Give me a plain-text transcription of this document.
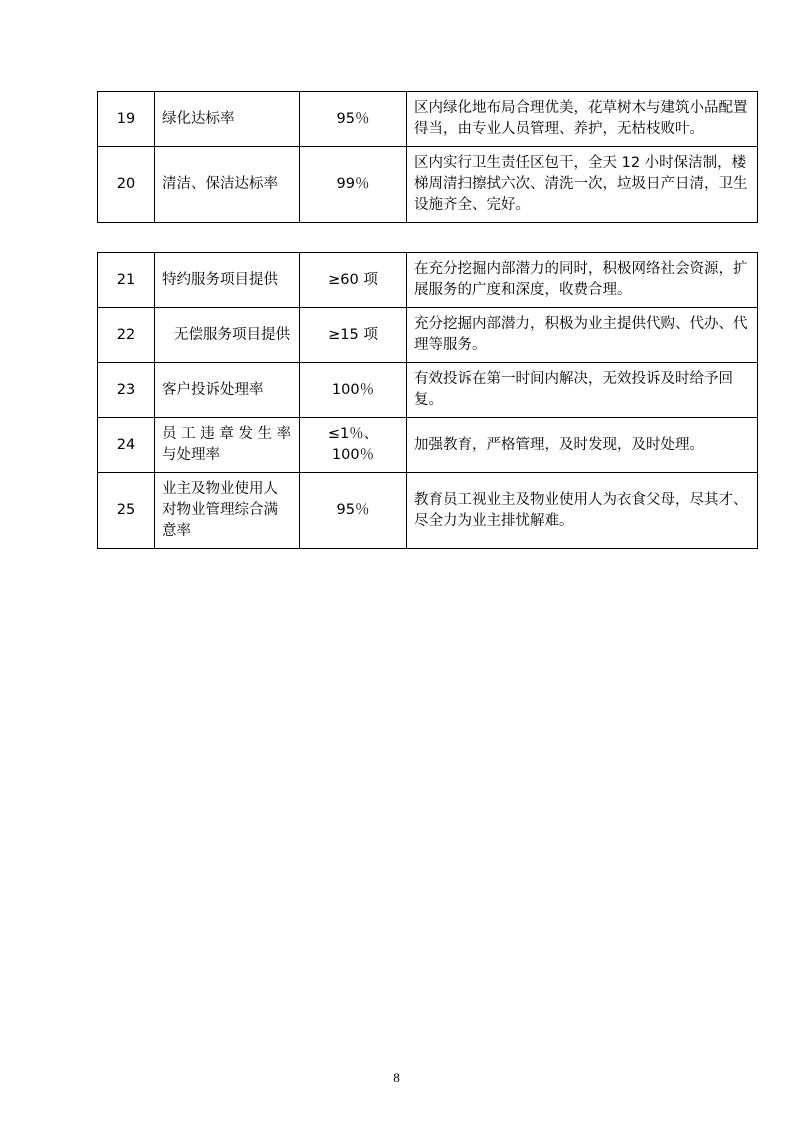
19	绿化达标率	95％	区内绿化地布局合理优美，花草树木与建筑小品配置得当，由专业人员管理、养护，无枯枝败叶。
20	清洁、保洁达标率	99％	区内实行卫生责任区包干，全天 12 小时保洁制，楼梯周清扫擦拭六次、清洗一次，垃圾日产日清，卫生设施齐全、完好。
21	特约服务项目提供	≥60 项	在充分挖掘内部潜力的同时，积极网络社会资源，扩展服务的广度和深度，收费合理。
22	无偿服务项目提供	≥15 项	充分挖掘内部潜力，积极为业主提供代购、代办、代理等服务。
23	客户投诉处理率	100％	有效投诉在第一时间内解决，无效投诉及时给予回复。
24	员 工 违 章 发 生 率与处理率	≤1％、100％	加强教育，严格管理，及时发现，及时处理。
25	业主及物业使用人对物业管理综合满意率	95％	教育员工视业主及物业使用人为衣食父母，尽其才、尽全力为业主排忧解难。
8
